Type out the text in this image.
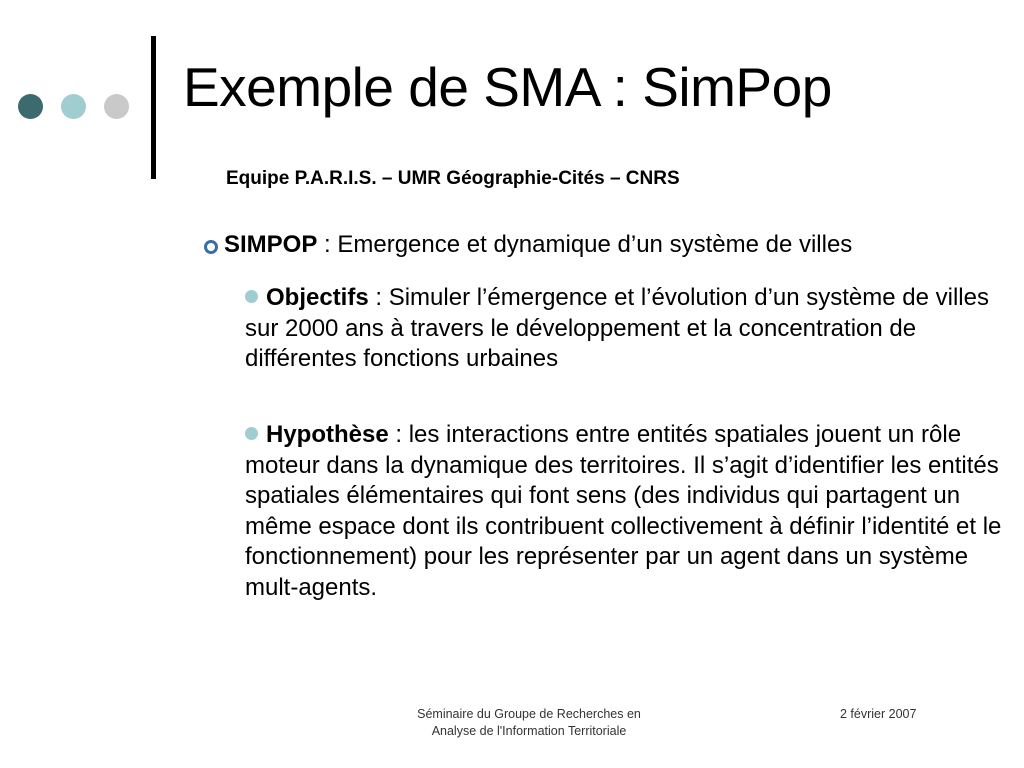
Exemple de SMA : SimPop
Equipe P.A.R.I.S. – UMR Géographie-Cités – CNRS
SIMPOP : Emergence et dynamique d’un système de villes
Objectifs : Simuler l’émergence et l’évolution d’un système de villes sur 2000 ans à travers le développement et la concentration de différentes fonctions urbaines
Hypothèse : les interactions entre entités spatiales jouent un rôle moteur dans la dynamique des territoires. Il s’agit d’identifier les entités spatiales élémentaires qui font sens (des individus qui partagent un même espace dont ils contribuent collectivement à définir l’identité et le fonctionnement) pour les représenter par un agent dans un système mult-agents.
Séminaire du Groupe de Recherches en
Analyse de l'Information Territoriale
2 février 2007
